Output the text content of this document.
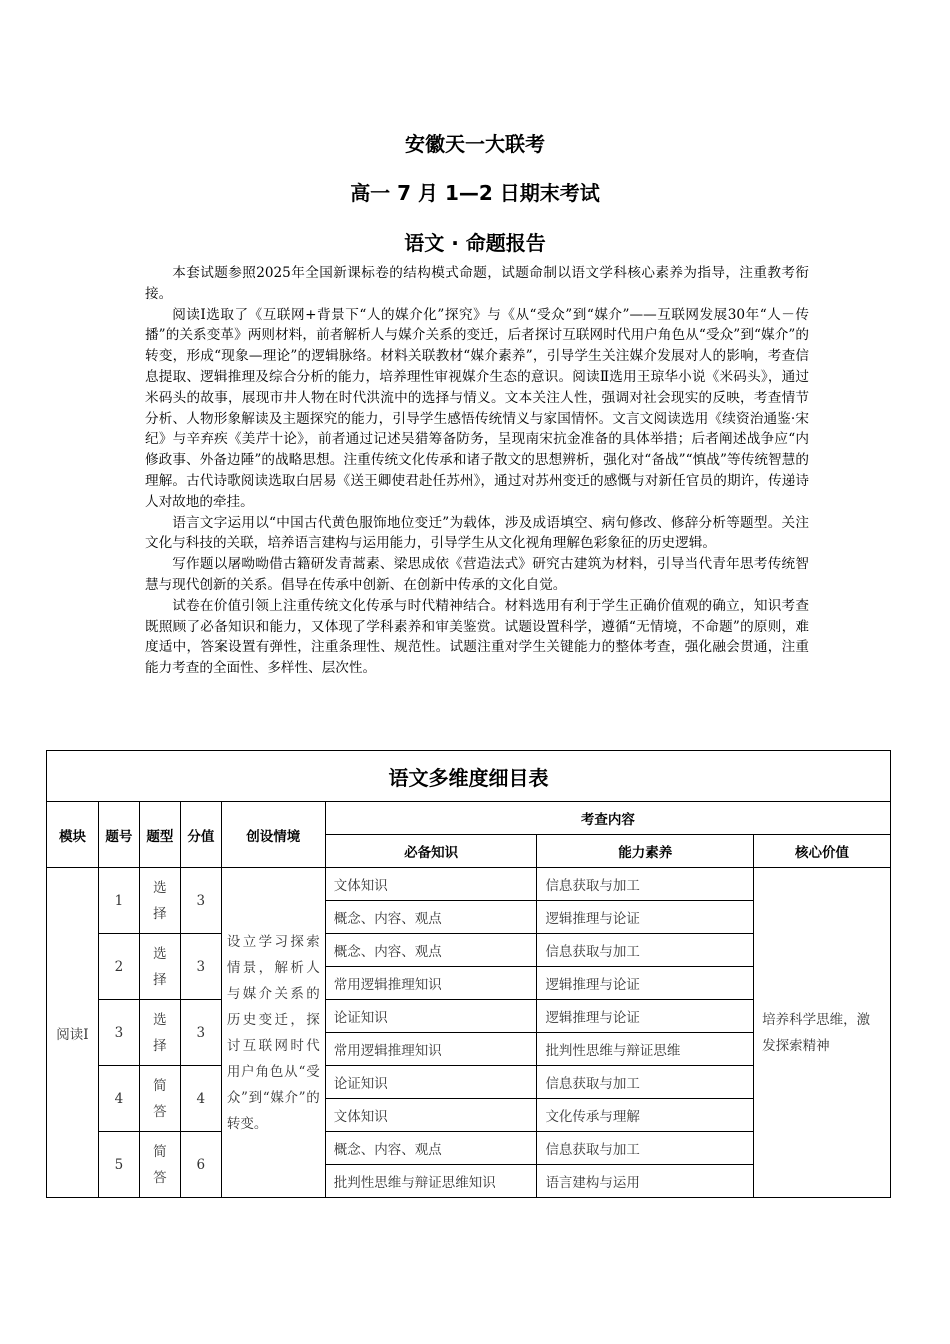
安徽天一大联考
高一 7 月 1—2 日期末考试
语文 · 命题报告

本套试题参照2025年全国新课标卷的结构模式命题，试题命制以语文学科核心素养为指导，注重教考衔接。

阅读Ⅰ选取了《互联网+背景下“人的媒介化”探究》与《从“受众”到“媒介”——互联网发展30年“人－传播”的关系变革》两则材料，前者解析人与媒介关系的变迁，后者探讨互联网时代用户角色从“受众”到“媒介”的转变，形成“现象—理论”的逻辑脉络。材料关联教材“媒介素养”，引导学生关注媒介发展对人的影响，考查信息提取、逻辑推理及综合分析的能力，培养理性审视媒介生态的意识。阅读Ⅱ选用王琼华小说《米码头》，通过米码头的故事，展现市井人物在时代洪流中的选择与情义。文本关注人性，强调对社会现实的反映，考查情节分析、人物形象解读及主题探究的能力，引导学生感悟传统情义与家国情怀。文言文阅读选用《续资治通鉴·宋纪》与辛弃疾《美芹十论》，前者通过记述吴猎筹备防务，呈现南宋抗金准备的具体举措；后者阐述战争应“内修政事、外备边陲”的战略思想。注重传统文化传承和诸子散文的思想辨析，强化对“备战”“慎战”等传统智慧的理解。古代诗歌阅读选取白居易《送王卿使君赴任苏州》，通过对苏州变迁的感慨与对新任官员的期许，传递诗人对故地的牵挂。

语言文字运用以“中国古代黄色服饰地位变迁”为载体，涉及成语填空、病句修改、修辞分析等题型。关注文化与科技的关联，培养语言建构与运用能力，引导学生从文化视角理解色彩象征的历史逻辑。

写作题以屠呦呦借古籍研发青蒿素、梁思成依《营造法式》研究古建筑为材料，引导当代青年思考传统智慧与现代创新的关系。倡导在传承中创新、在创新中传承的文化自觉。

试卷在价值引领上注重传统文化传承与时代精神结合。材料选用有利于学生正确价值观的确立，知识考查既照顾了必备知识和能力，又体现了学科素养和审美鉴赏。试题设置科学，遵循“无情境，不命题”的原则，难度适中，答案设置有弹性，注重条理性、规范性。试题注重对学生关键能力的整体考查，强化融会贯通，注重能力考查的全面性、多样性、层次性。

语文多维度细目表							
模块	题号	题型	分值	创设情境	考查内容		
					必备知识	能力素养	核心价值
阅读Ⅰ	1	选择	3	设立学习探索情景，解析人与媒介关系的历史变迁，探讨互联网时代用户角色从“受众”到“媒介”的转变。	文体知识	信息获取与加工	培养科学思维，激发探索精神
					概念、内容、观点	逻辑推理与论证	
	2	选择	3		概念、内容、观点	信息获取与加工	
					常用逻辑推理知识	逻辑推理与论证	
	3	选择	3		论证知识	逻辑推理与论证	
					常用逻辑推理知识	批判性思维与辩证思维	
	4	简答	4		论证知识	信息获取与加工	
					文体知识	文化传承与理解	
	5	简答	6		概念、内容、观点	信息获取与加工	
					批判性思维与辩证思维知识	语言建构与运用	
